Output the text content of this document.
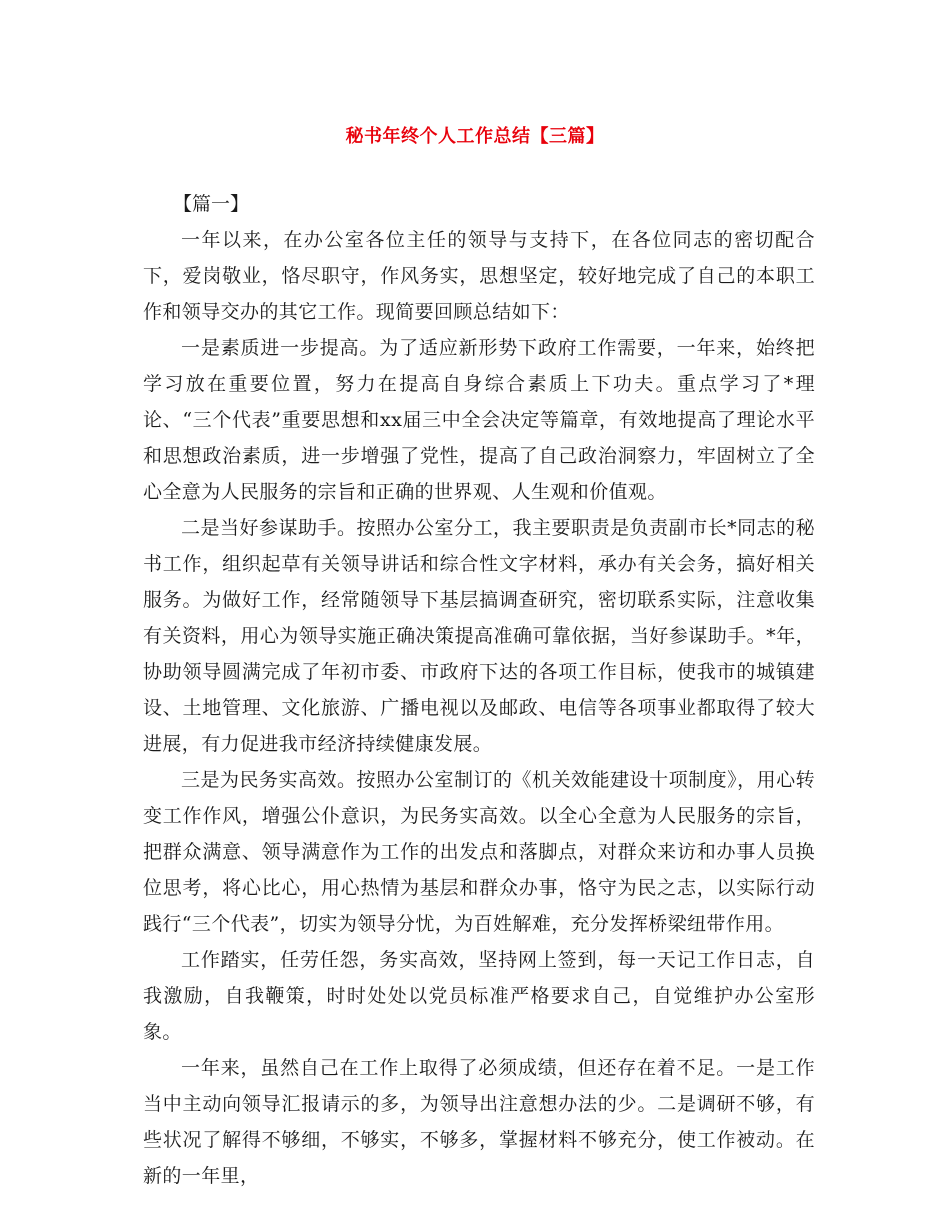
秘书年终个人工作总结【三篇】
【篇一】

一年以来，在办公室各位主任的领导与支持下，在各位同志的密切配合下，爱岗敬业，恪尽职守，作风务实，思想坚定，较好地完成了自己的本职工作和领导交办的其它工作。现简要回顾总结如下：

一是素质进一步提高。为了适应新形势下政府工作需要，一年来，始终把学习放在重要位置，努力在提高自身综合素质上下功夫。重点学习了*理论、“三个代表”重要思想和xx届三中全会决定等篇章，有效地提高了理论水平和思想政治素质，进一步增强了党性，提高了自己政治洞察力，牢固树立了全心全意为人民服务的宗旨和正确的世界观、人生观和价值观。

二是当好参谋助手。按照办公室分工，我主要职责是负责副市长*同志的秘书工作，组织起草有关领导讲话和综合性文字材料，承办有关会务，搞好相关服务。为做好工作，经常随领导下基层搞调查研究，密切联系实际，注意收集有关资料，用心为领导实施正确决策提高准确可靠依据，当好参谋助手。*年，协助领导圆满完成了年初市委、市政府下达的各项工作目标，使我市的城镇建设、土地管理、文化旅游、广播电视以及邮政、电信等各项事业都取得了较大进展，有力促进我市经济持续健康发展。

三是为民务实高效。按照办公室制订的《机关效能建设十项制度》，用心转变工作作风，增强公仆意识，为民务实高效。以全心全意为人民服务的宗旨，把群众满意、领导满意作为工作的出发点和落脚点，对群众来访和办事人员换位思考，将心比心，用心热情为基层和群众办事，恪守为民之志，以实际行动践行“三个代表”，切实为领导分忧，为百姓解难，充分发挥桥梁纽带作用。

工作踏实，任劳任怨，务实高效，坚持网上签到，每一天记工作日志，自我激励，自我鞭策，时时处处以党员标准严格要求自己，自觉维护办公室形象。

一年来，虽然自己在工作上取得了必须成绩，但还存在着不足。一是工作当中主动向领导汇报请示的多，为领导出注意想办法的少。二是调研不够，有些状况了解得不够细，不够实，不够多，掌握材料不够充分，使工作被动。在新的一年里，
